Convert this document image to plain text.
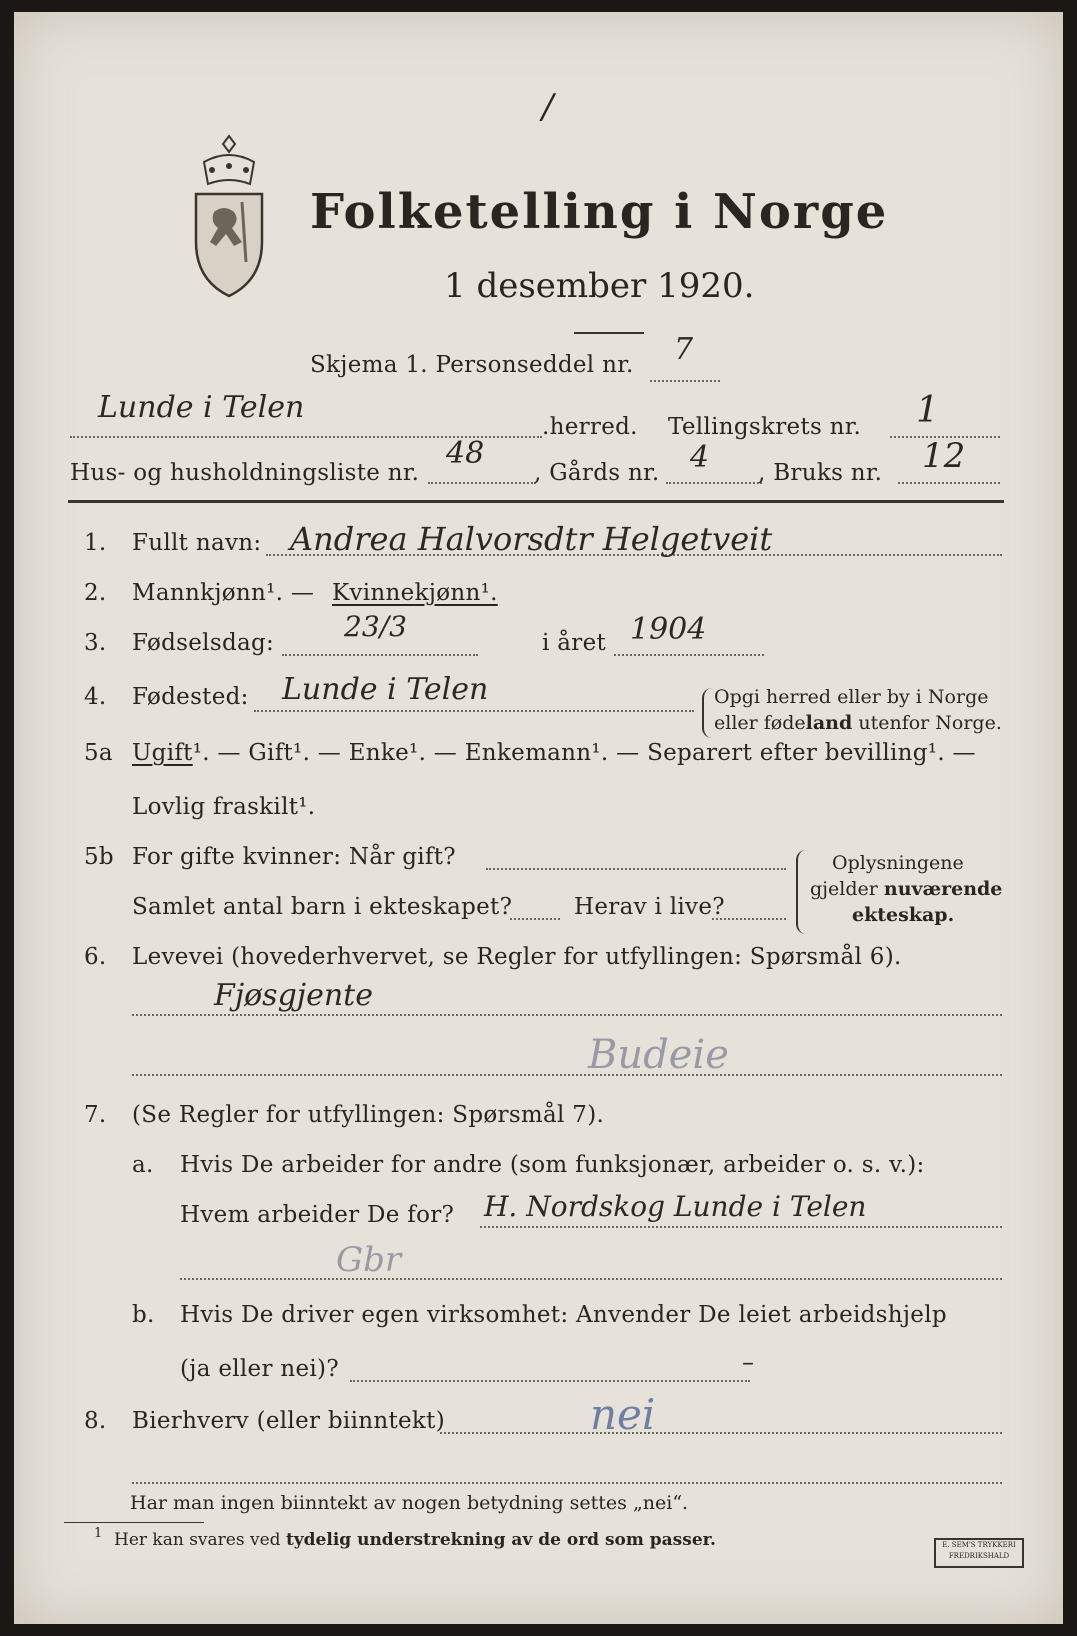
/
Folketelling i Norge
1 desember 1920.
Skjema 1. Personseddel nr. 7
Lunde i Telen
.herred. Tellingskrets nr. 1
Hus- og husholdningsliste nr.
48
, Gårds nr. 4 , Bruks nr. 12
1. Fullt navn: Andrea Halvorsdtr Helgetveit
2. Mannkjønn¹. — Kvinnekjønn¹.
3. Fødselsdag: 23/3	i året 1904
4. Fødested: Lunde i Telen	Opgi herred eller by i Norge
eller fødeland utenfor Norge.
5a Ugift¹. — Gift¹. — Enke¹. — Enkemann¹. — Separert efter bevilling¹. —
Lovlig fraskilt¹.
5b For gifte kvinner: Når gift?
Samlet antal barn i ekteskapet?	Herav i live?
Oplysningene
gjelder nuværende
ekteskap.
6. Levevei (hovederhvervet, se Regler for utfyllingen: Spørsmål 6).
Fjøsgjente
Budeie
7. (Se Regler for utfyllingen: Spørsmål 7).
a. Hvis De arbeider for andre (som funksjonær, arbeider o. s. v.):
Hvem arbeider De for? H. Nordskog Lunde i Telen
Gbr
b. Hvis De driver egen virksomhet: Anvender De leiet arbeidshjelp
(ja eller nei)?	–
8. Bierhverv (eller biinntekt)	nei
Har man ingen biinntekt av nogen betydning settes „nei“.
1 Her kan svares ved tydelig understrekning av de ord som passer.	E. SEM'S TRYKKERI
FREDRIKSHALD
